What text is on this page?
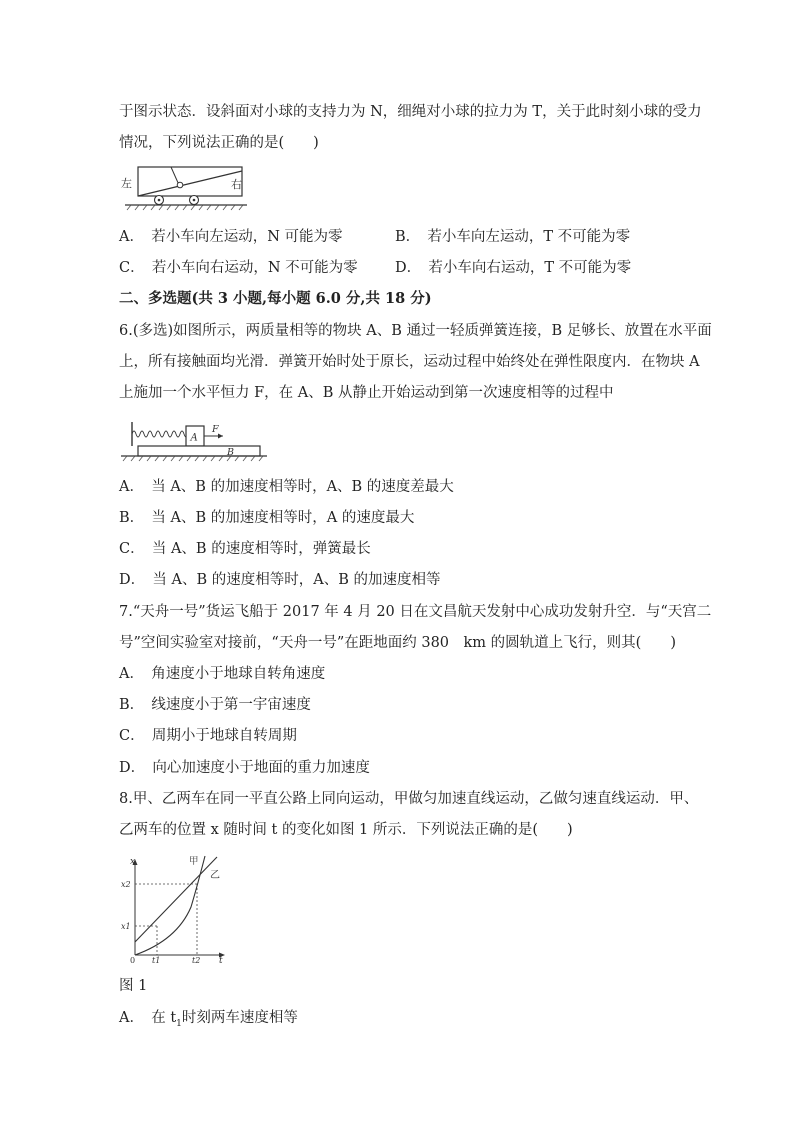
于图示状态．设斜面对小球的支持力为 N，细绳对小球的拉力为 T，关于此时刻小球的受力
情况，下列说法正确的是(　　)
左	右
A．　若小车向左运动，N 可能为零	B．　若小车向左运动，T 不可能为零
C．　若小车向右运动，N 不可能为零	D．　若小车向右运动，T 不可能为零
二、多选题(共 3 小题,每小题 6.0 分,共 18 分)
6.(多选)如图所示，两质量相等的物块 A、B 通过一轻质弹簧连接，B 足够长、放置在水平面
上，所有接触面均光滑．弹簧开始时处于原长，运动过程中始终处在弹性限度内．在物块 A
上施加一个水平恒力 F，在 A、B 从静止开始运动到第一次速度相等的过程中
A
F
B
A．　当 A、B 的加速度相等时，A、B 的速度差最大
B．　当 A、B 的加速度相等时，A 的速度最大
C．　当 A、B 的速度相等时，弹簧最长
D．　当 A、B 的速度相等时，A、B 的加速度相等
7.“天舟一号”货运飞船于 2017 年 4 月 20 日在文昌航天发射中心成功发射升空．与“天宫二
号”空间实验室对接前，“天舟一号”在距地面约 380　km 的圆轨道上飞行，则其(　　)
A．　角速度小于地球自转角速度
B．　线速度小于第一宇宙速度
C．　周期小于地球自转周期
D．　向心加速度小于地面的重力加速度
8.甲、乙两车在同一平直公路上同向运动，甲做匀加速直线运动，乙做匀速直线运动．甲、
乙两车的位置 x 随时间 t 的变化如图 1 所示．下列说法正确的是(　　)
x
t
0
x1
x2
t1	t2
甲
乙
图 1
A．　在 $t_1$时刻两车速度相等
